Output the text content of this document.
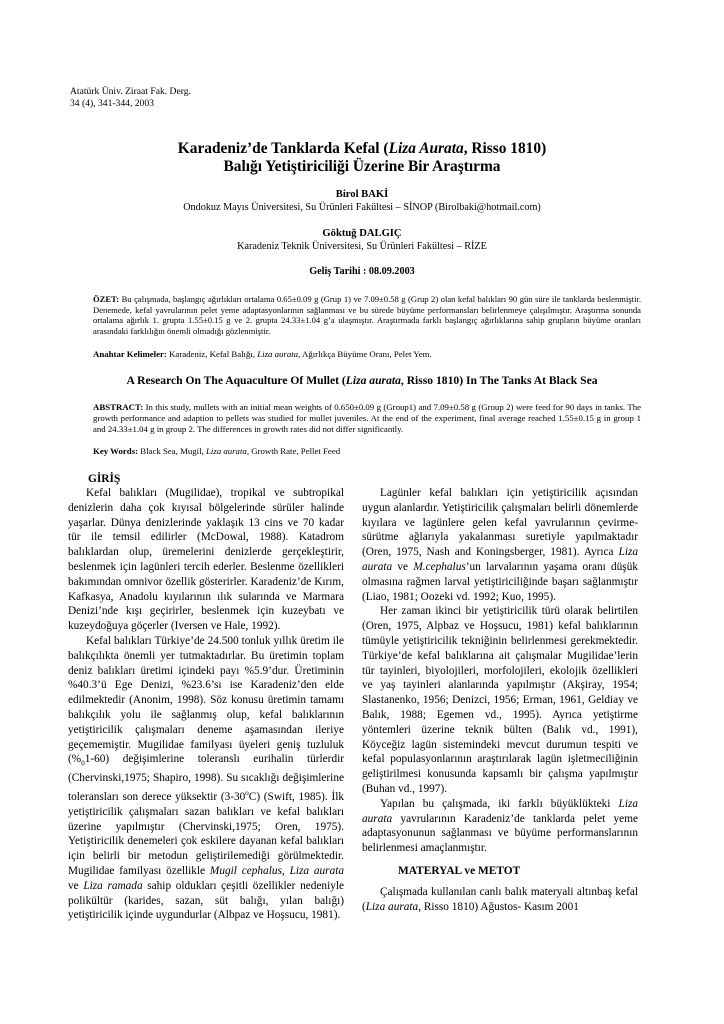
Atatürk Üniv. Ziraat Fak. Derg.
34 (4), 341-344, 2003
Karadeniz’de Tanklarda Kefal (Liza Aurata, Risso 1810)
Balığı Yetiştiriciliği Üzerine Bir Araştırma
Birol BAKİ
Ondokuz Mayıs Üniversitesi, Su Ürünleri Fakültesi – SİNOP (Birolbaki@hotmail.com)
Göktuğ DALGIÇ
Karadeniz Teknik Üniversitesi, Su Ürünleri Fakültesi – RİZE
Geliş Tarihi : 08.09.2003
ÖZET: Bu çalışmada, başlangıç ağırlıkları ortalama 0.65±0.09 g (Grup 1) ve 7.09±0.58 g (Grup 2) olan kefal balıkları 90 gün süre ile tanklarda beslenmiştir. Denemede, kefal yavrularının pelet yeme adaptasyonlarının sağlanması ve bu sürede büyüme performansları belirlenmeye çalışılmıştır. Araştırma sonunda ortalama ağırlık 1. grupta 1.55±0.15 g ve 2. grupta 24.33±1.04 g’a ulaşmıştır. Araştırmada farklı başlangıç ağırlıklarına sahip grupların büyüme oranları arasındaki farklılığın önemli olmadığı gözlenmiştir.
Anahtar Kelimeler: Karadeniz, Kefal Balığı, Liza aurata, Ağırlıkça Büyüme Oranı, Pelet Yem.
A Research On The Aquaculture Of Mullet (Liza aurata, Risso 1810) In The Tanks At Black Sea
ABSTRACT: In this study, mullets with an initial mean weights of 0.650±0.09 g (Group1) and 7.09±0.58 g (Group 2) were feed for 90 days in tanks. The growth performance and adaption to pellets was studied for mullet juveniles. At the end of the experiment, final average reached 1.55±0.15 g in group 1 and 24.33±1.04 g in group 2. The differences in growth rates did not differ significantly.
Key Words: Black Sea, Mugil, Liza aurata, Growth Rate, Pellet Feed
GİRİŞ

Kefal balıkları (Mugilidae), tropikal ve subtropikal denizlerin daha çok kıyısal bölgelerinde sürüler halinde yaşarlar. Dünya denizlerinde yaklaşık 13 cins ve 70 kadar tür ile temsil edilirler (McDowal, 1988). Katadrom balıklardan olup, üremelerini denizlerde gerçekleştirir, beslenmek için lagünleri tercih ederler. Beslenme özellikleri bakımından omnivor özellik gösterirler. Karadeniz’de Kırım, Kafkasya, Anadolu kıyılarının ılık sularında ve Marmara Denizi’nde kışı geçirirler, beslenmek için kuzeybatı ve kuzeydoğuya göçerler (Iversen ve Hale, 1992).

Kefal balıkları Türkiye’de 24.500 tonluk yıllık üretim ile balıkçılıkta önemli yer tutmaktadırlar. Bu üretimin toplam deniz balıkları üretimi içindeki payı %5.9’dur. Üretiminin %40.3’ü Ege Denizi, %23.6’sı ise Karadeniz’den elde edilmektedir (Anonim, 1998). Söz konusu üretimin tamamı balıkçılık yolu ile sağlanmış olup, kefal balıklarının yetiştiricilik çalışmaları deneme aşamasından ileriye geçememiştir. Mugilidae familyası üyeleri geniş tuzluluk $(\%_01-60)$ değişimlerine toleranslı eurihalin türlerdir (Chervinski,1975; Shapiro, 1998). Su sıcaklığı değişimlerine toleransları son derece yüksektir (3-30$^o$C) (Swift, 1985). İlk yetiştiricilik çalışmaları sazan balıkları ve kefal balıkları üzerine yapılmıştır (Chervinski,1975; Oren, 1975). Yetiştiricilik denemeleri çok eskilere dayanan kefal balıkları için belirli bir metodun geliştirilemediği görülmektedir. Mugilidae familyası özellikle Mugil cephalus, Liza aurata ve Liza ramada sahip oldukları çeşitli özellikler nedeniyle polikültür (karides, sazan, süt balığı, yılan balığı) yetiştiricilik içinde uygundurlar (Albpaz ve Hoşsucu, 1981).

Lagünler kefal balıkları için yetiştiricilik açısından uygun alanlardır. Yetiştiricilik çalışmaları belirli dönemlerde kıyılara ve lagünlere gelen kefal yavrularının çevirme-sürütme ağlarıyla yakalanması suretiyle yapılmaktadır (Oren, 1975, Nash and Koningsberger, 1981). Ayrıca Liza aurata ve M.cephalus’un larvalarının yaşama oranı düşük olmasına rağmen larval yetiştiriciliğinde başarı sağlanmıştır (Liao, 1981; Oozeki vd. 1992; Kuo, 1995).

Her zaman ikinci bir yetiştiricilik türü olarak belirtilen (Oren, 1975, Alpbaz ve Hoşsucu, 1981) kefal balıklarının tümüyle yetiştiricilik tekniğinin belirlenmesi gerekmektedir. Türkiye’de kefal balıklarına ait çalışmalar Mugilidae’lerin tür tayinleri, biyolojileri, morfolojileri, ekolojik özellikleri ve yaş tayinleri alanlarında yapılmıştır (Akşiray, 1954; Slastanenko, 1956; Denizci, 1956; Erman, 1961, Geldiay ve Balık, 1988; Egemen vd., 1995). Ayrıca yetiştirme yöntemleri üzerine teknik bülten (Balık vd., 1991), Köyceğiz lagün sistemindeki mevcut durumun tespiti ve kefal populasyonlarının araştırılarak lagün işletmeciliğinin geliştirilmesi konusunda kapsamlı bir çalışma yapılmıştır (Buhan vd., 1997).

Yapılan bu çalışmada, iki farklı büyüklükteki Liza aurata yavrularının Karadeniz’de tanklarda pelet yeme adaptasyonunun sağlanması ve büyüme performanslarının belirlenmesi amaçlanmıştır.

MATERYAL ve METOT

Çalışmada kullanılan canlı balık materyali altınbaş kefal (Liza aurata, Risso 1810) Ağustos- Kasım 2001
